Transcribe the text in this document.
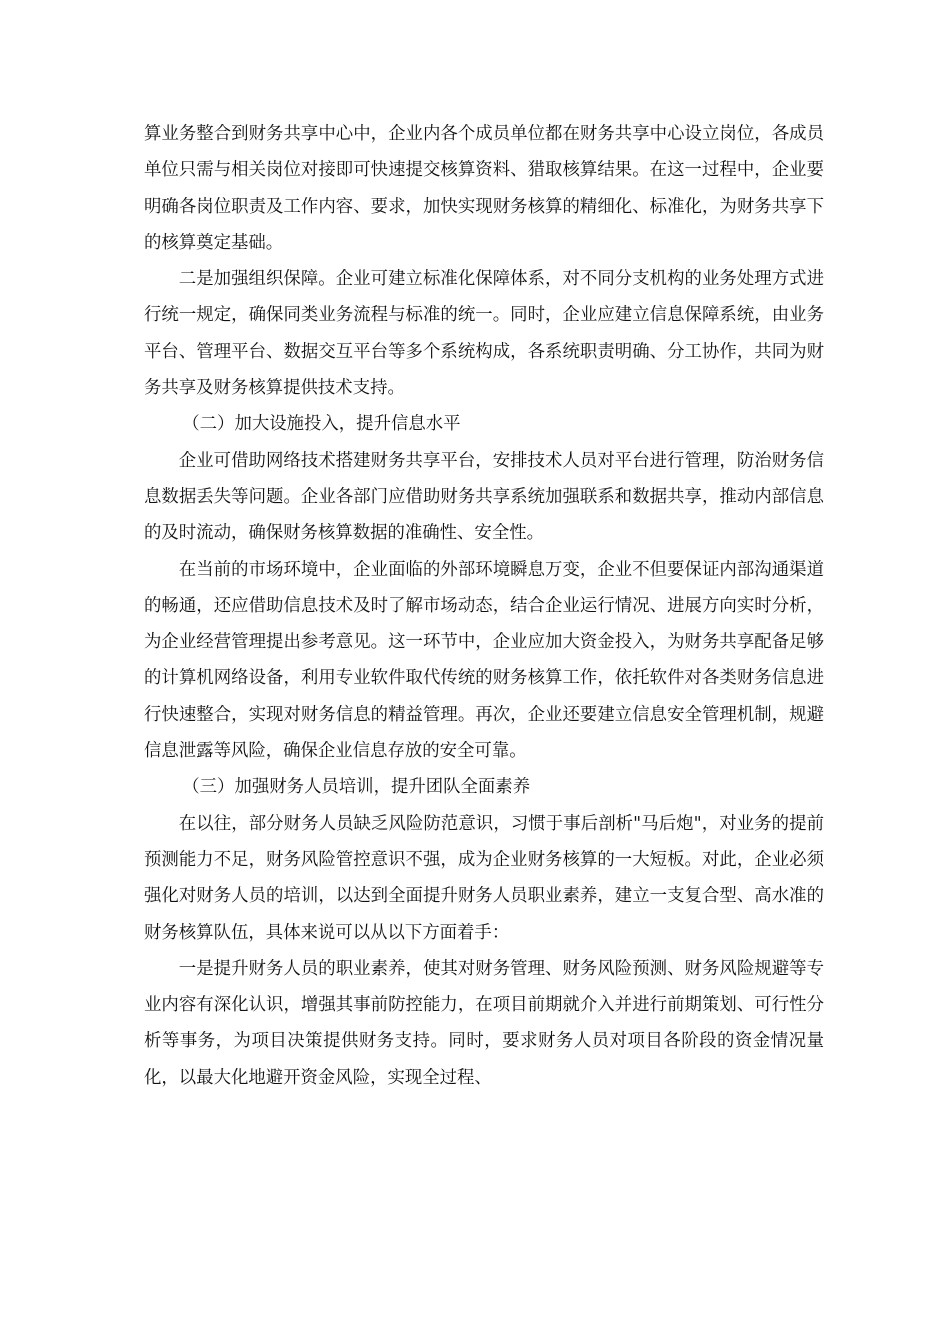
算业务整合到财务共享中心中，企业内各个成员单位都在财务共享中心设立岗位，各成员单位只需与相关岗位对接即可快速提交核算资料、猎取核算结果。在这一过程中，企业要明确各岗位职责及工作内容、要求，加快实现财务核算的精细化、标准化，为财务共享下的核算奠定基础。

二是加强组织保障。企业可建立标准化保障体系，对不同分支机构的业务处理方式进行统一规定，确保同类业务流程与标准的统一。同时，企业应建立信息保障系统，由业务平台、管理平台、数据交互平台等多个系统构成，各系统职责明确、分工协作，共同为财务共享及财务核算提供技术支持。

（二）加大设施投入，提升信息水平

企业可借助网络技术搭建财务共享平台，安排技术人员对平台进行管理，防治财务信息数据丢失等问题。企业各部门应借助财务共享系统加强联系和数据共享，推动内部信息的及时流动，确保财务核算数据的准确性、安全性。

在当前的市场环境中，企业面临的外部环境瞬息万变，企业不但要保证内部沟通渠道的畅通，还应借助信息技术及时了解市场动态，结合企业运行情况、进展方向实时分析，为企业经营管理提出参考意见。这一环节中，企业应加大资金投入，为财务共享配备足够的计算机网络设备，利用专业软件取代传统的财务核算工作，依托软件对各类财务信息进行快速整合，实现对财务信息的精益管理。再次，企业还要建立信息安全管理机制，规避信息泄露等风险，确保企业信息存放的安全可靠。

（三）加强财务人员培训，提升团队全面素养

在以往，部分财务人员缺乏风险防范意识，习惯于事后剖析"马后炮"，对业务的提前预测能力不足，财务风险管控意识不强，成为企业财务核算的一大短板。对此，企业必须强化对财务人员的培训，以达到全面提升财务人员职业素养，建立一支复合型、高水准的财务核算队伍，具体来说可以从以下方面着手：

一是提升财务人员的职业素养，使其对财务管理、财务风险预测、财务风险规避等专业内容有深化认识，增强其事前防控能力，在项目前期就介入并进行前期策划、可行性分析等事务，为项目决策提供财务支持。同时，要求财务人员对项目各阶段的资金情况量化，以最大化地避开资金风险，实现全过程、
